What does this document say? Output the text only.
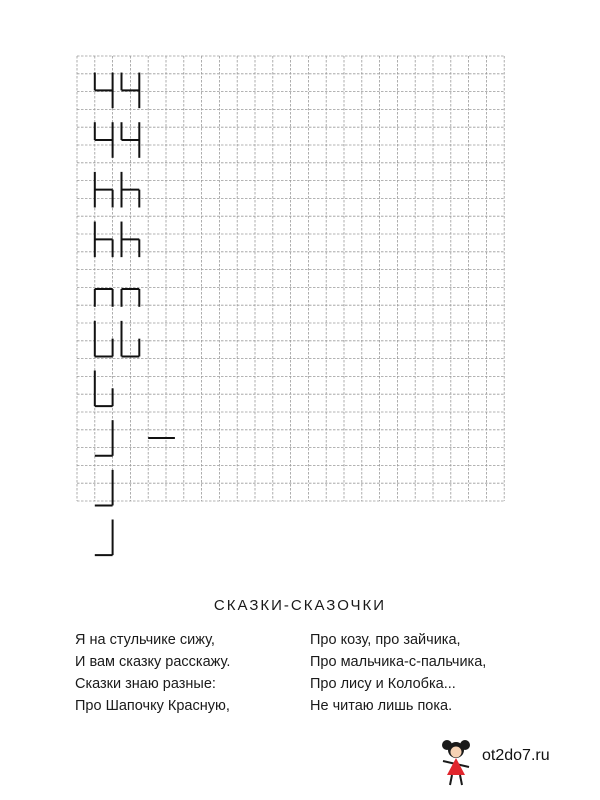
СКАЗКИ-СКАЗОЧКИ
Я на стульчике сижу,
И вам сказку расскажу.
Сказки знаю разные:
Про Шапочку Красную,
Про козу, про зайчика,
Про мальчика-с-пальчика,
Про лису и Колобка...
Не читаю лишь пока.
ot2do7.ru
